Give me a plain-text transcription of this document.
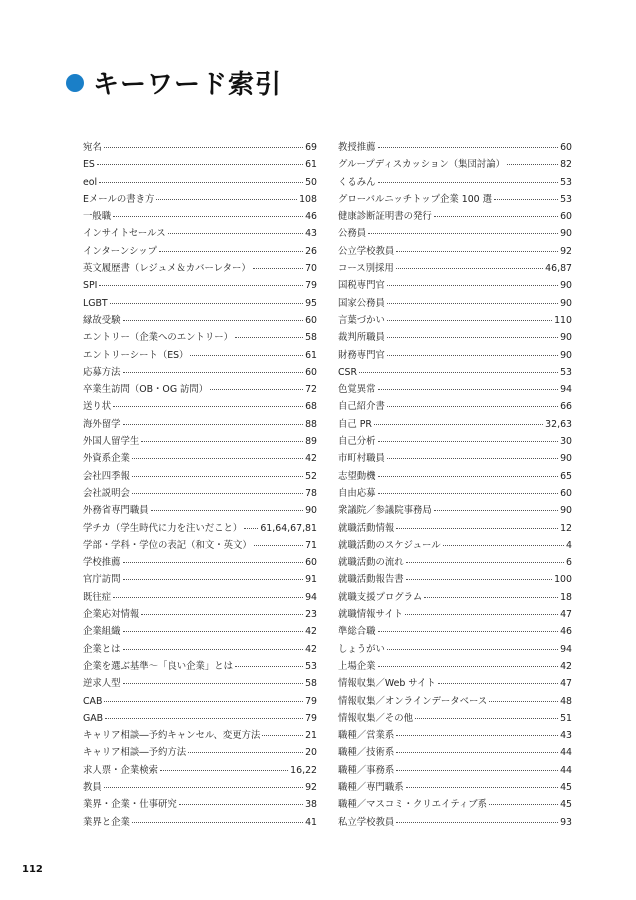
キーワード索引
宛名	69
ES	61
eol	50
Eメールの書き方	108
一般職	46
インサイトセールス	43
インターンシップ	26
英文履歴書（レジュメ＆カバーレター）	70
SPI	79
LGBT	95
縁故受験	60
エントリー（企業へのエントリー）	58
エントリーシート（ES）	61
応募方法	60
卒業生訪問（OB・OG 訪問）	72
送り状	68
海外留学	88
外国人留学生	89
外資系企業	42
会社四季報	52
会社説明会	78
外務省専門職員	90
学チカ（学生時代に力を注いだこと） 61,64,67,81
学部・学科・学位の表記（和文・英文）	71
学校推薦	60
官庁訪問	91
既往症	94
企業応対情報	23
企業組織	42
企業とは	42
企業を選ぶ基準〜「良い企業」とは	53
逆求人型	58
CAB	79
GAB	79
キャリア相談―予約キャンセル、変更方法	21
キャリア相談―予約方法	20
求人票・企業検索	16,22
教員	92
業界・企業・仕事研究	38
業界と企業	41
教授推薦	60
グループディスカッション（集団討論）	82
くるみん	53
グローバルニッチトップ企業 100 選	53
健康診断証明書の発行	60
公務員	90
公立学校教員	92
コース別採用	46,87
国税専門官	90
国家公務員	90
言葉づかい	110
裁判所職員	90
財務専門官	90
CSR	53
色覚異常	94
自己紹介書	66
自己 PR	32,63
自己分析	30
市町村職員	90
志望動機	65
自由応募	60
衆議院／参議院事務局	90
就職活動情報	12
就職活動のスケジュール	4
就職活動の流れ	6
就職活動報告書	100
就職支援プログラム	18
就職情報サイト	47
準総合職	46
しょうがい	94
上場企業	42
情報収集／Web サイト	47
情報収集／オンラインデータベース	48
情報収集／その他	51
職種／営業系	43
職種／技術系	44
職種／事務系	44
職種／専門職系	45
職種／マスコミ・クリエイティブ系	45
私立学校教員	93
112
